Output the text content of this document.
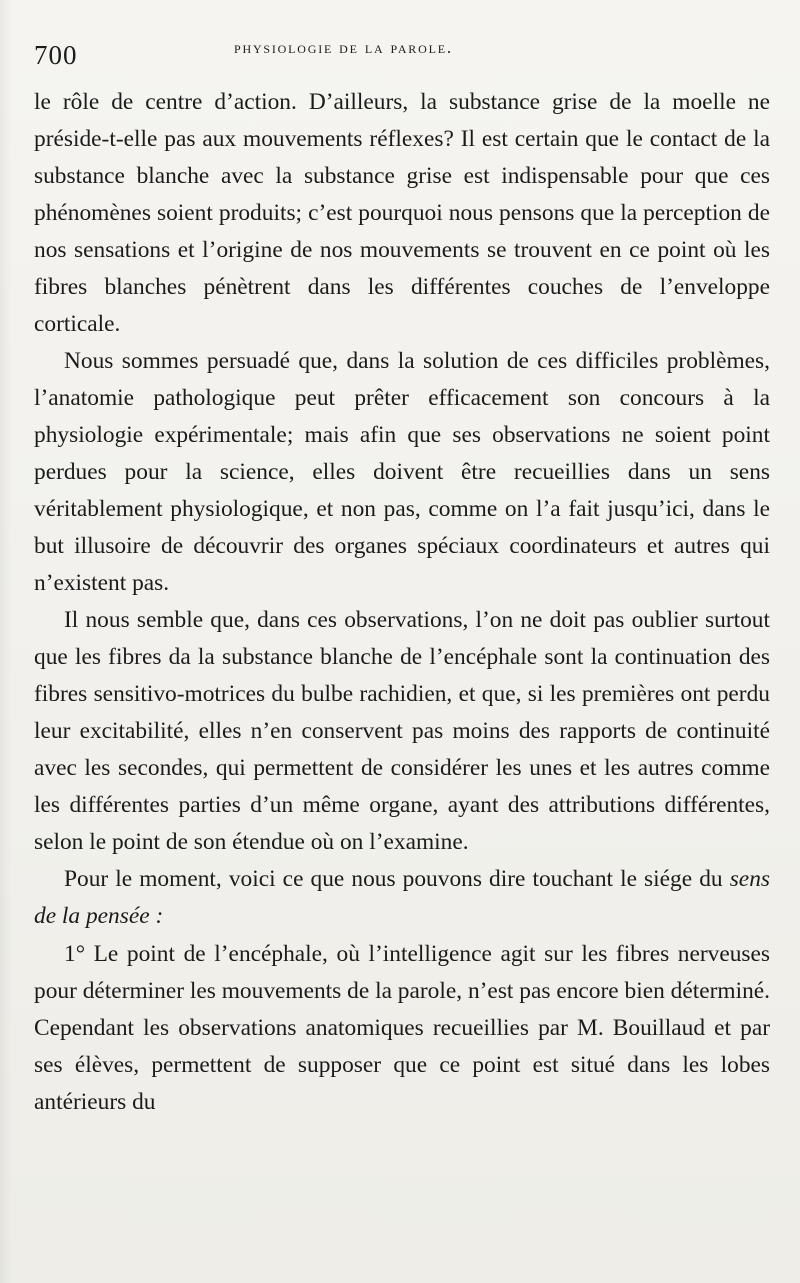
700	physiologie de la parole.

le rôle de centre d’action. D’ailleurs, la substance grise de la moelle ne préside-t-elle pas aux mouvements réflexes? Il est certain que le contact de la substance blanche avec la substance grise est indispensable pour que ces phénomènes soient produits; c’est pourquoi nous pensons que la perception de nos sensations et l’origine de nos mouvements se trouvent en ce point où les fibres blanches pénètrent dans les différentes couches de l’enveloppe corticale.

Nous sommes persuadé que, dans la solution de ces difficiles problèmes, l’anatomie pathologique peut prêter efficacement son concours à la physiologie expérimentale; mais afin que ses observations ne soient point perdues pour la science, elles doivent être recueillies dans un sens véritablement physiologique, et non pas, comme on l’a fait jusqu’ici, dans le but illusoire de découvrir des organes spéciaux coordinateurs et autres qui n’existent pas.

Il nous semble que, dans ces observations, l’on ne doit pas oublier surtout que les fibres da la substance blanche de l’encéphale sont la continuation des fibres sensitivo-motrices du bulbe rachidien, et que, si les premières ont perdu leur excitabilité, elles n’en conservent pas moins des rapports de continuité avec les secondes, qui permettent de considérer les unes et les autres comme les différentes parties d’un même organe, ayant des attributions différentes, selon le point de son étendue où on l’examine.

Pour le moment, voici ce que nous pouvons dire touchant le siége du sens de la pensée :

1° Le point de l’encéphale, où l’intelligence agit sur les fibres nerveuses pour déterminer les mouvements de la parole, n’est pas encore bien déterminé. Cependant les observations anatomiques recueillies par M. Bouillaud et par ses élèves, permettent de supposer que ce point est situé dans les lobes antérieurs du
